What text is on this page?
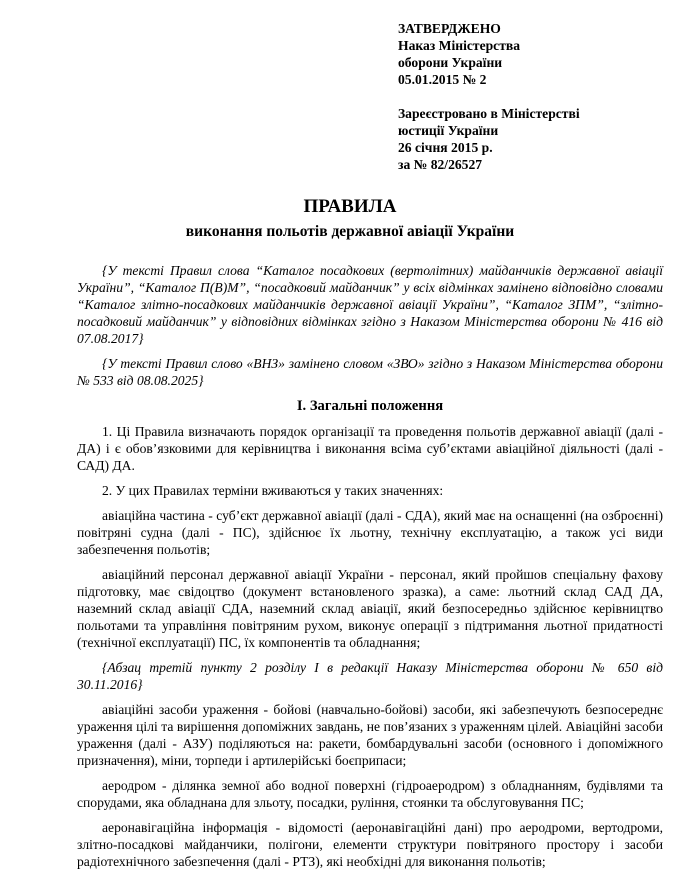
ЗАТВЕРДЖЕНО
Наказ Міністерства
оборони України
05.01.2015 № 2
Зареєстровано в Міністерстві
юстиції України
26 січня 2015 р.
за № 82/26527
ПРАВИЛА
виконання польотів державної авіації України

{У тексті Правил слова “Каталог посадкових (вертолітних) майданчиків державної авіації України”, “Каталог П(В)М”, “посадковий майданчик” у всіх відмінках замінено відповідно словами “Каталог злітно-посадкових майданчиків державної авіації України”, “Каталог ЗПМ”, “злітно-посадковий майданчик” у відповідних відмінках згідно з Наказом Міністерства оборони № 416 від 07.08.2017}

{У тексті Правил слово «ВНЗ» замінено словом «ЗВО» згідно з Наказом Міністерства оборони № 533 від 08.08.2025}

I. Загальні положення

1. Ці Правила визначають порядок організації та проведення польотів державної авіації (далі - ДА) і є обов’язковими для керівництва і виконання всіма суб’єктами авіаційної діяльності (далі - САД) ДА.

2. У цих Правилах терміни вживаються у таких значеннях:

авіаційна частина - суб’єкт державної авіації (далі - СДА), який має на оснащенні (на озброєнні) повітряні судна (далі - ПС), здійснює їх льотну, технічну експлуатацію, а також усі види забезпечення польотів;

авіаційний персонал державної авіації України - персонал, який пройшов спеціальну фахову підготовку, має свідоцтво (документ встановленого зразка), а саме: льотний склад САД ДА, наземний склад авіації СДА, наземний склад авіації, який безпосередньо здійснює керівництво польотами та управління повітряним рухом, виконує операції з підтримання льотної придатності (технічної експлуатації) ПС, їх компонентів та обладнання;

{Абзац третій пункту 2 розділу I в редакції Наказу Міністерства оборони № 650 від 30.11.2016}

авіаційні засоби ураження - бойові (навчально-бойові) засоби, які забезпечують безпосереднє ураження цілі та вирішення допоміжних завдань, не пов’язаних з ураженням цілей. Авіаційні засоби ураження (далі - АЗУ) поділяються на: ракети, бомбардувальні засоби (основного і допоміжного призначення), міни, торпеди і артилерійські боєприпаси;

аеродром - ділянка земної або водної поверхні (гідроаеродром) з обладнанням, будівлями та спорудами, яка обладнана для зльоту, посадки, руління, стоянки та обслуговування ПС;

аеронавігаційна інформація - відомості (аеронавігаційні дані) про аеродроми, вертодроми, злітно-посадкові майданчики, полігони, елементи структури повітряного простору і засоби радіотехнічного забезпечення (далі - РТЗ), які необхідні для виконання польотів;
